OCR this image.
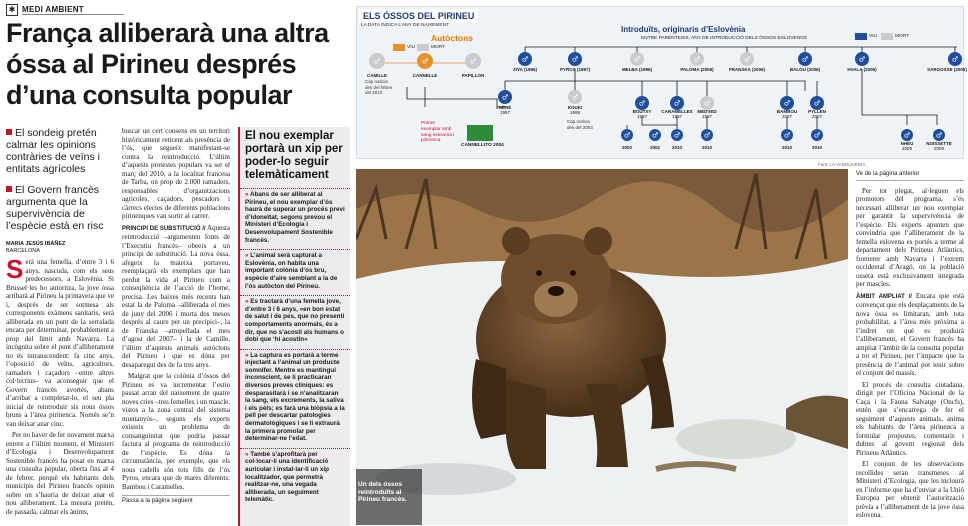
✱ MEDI AMBIENT
França alliberarà una altra óssa al Pirineu després d’una consulta popular
El sondeig pretén calmar les opinions contràries de veïns i entitats agrícoles
El Govern francès argumenta que la supervivència de l’espècie està en risc
MARIA JESÚS IBÁÑEZ
BARCELONA

Serà una femella, d’entre 3 i 6 anys, nascuda, com els seus predecessors, a Eslovènia. Si Brussel·les ho autoritza, la jove óssa arribarà al Pirineu la primavera que ve i, després de ser sotmesa als corresponents exàmens sanitaris, serà alliberada en un punt de la serralada encara per determinar, probablement a prop del límit amb Navarra. La incògnita sobre el punt d’alliberament no és intranscendent: fa cinc anys, l’oposició de veïns, agricultors, ramaders i caçadors –entre altres col·lectius– va aconseguir que el Govern francès avortés, abans d’arribar a completar-lo, el seu pla inicial de reintroduir sis nous óssos bruns a l’àrea pirinenca. Només se’n van deixar anar cinc.

Per no haver de fer novament marxa enrere a l’últim moment, el Ministeri d’Ecologia i Desenvolupament Sostenible francès ha posat en marxa una consulta popular, oberta fins al 4 de febrer, perquè els habitants dels municipis del Pirineu francès opinin sobre on s’hauria de deixar anar el nou alliberament. La mesura pretén, de passada, calmar els ànims,

buscar un cert consens en un territori històricament reticent als presència de l’ós, que segueix manifestant-se contra la reintroducció. L’últim d’aquests protestes populars va ser el març del 2010, a la localitat francesa de Tarba, on prop de 2.000 ramaders, responsables d’organitzacions agrícoles, caçadors, pescadors i càrrecs electes de diferents poblacions pirinenques van sortir al carrer.

PRINCIPI DE SUBSTITUCIÓ // Aquesta reintroducció –argumenten fonts de l’Executiu francès– obeeix a un principi de substitució. La nova óssa, afegeix la mateixa portaveu, reemplaçarà els exemplars que han perdut la vida al Pirineu com a conseqüència de l’acció de l’home, precisa. Les baixes més recents han estat la de Paloma –alliberada el mes de juny del 2006 i morta dos mesos després al caure per un precipici–, la de Franska –atropellada el mes d’agost del 2007– i la de Camille, l’últim d’aquests animals autòctons del Pirineu i que es dóna per desaparegut des de fa tres anys.

Malgrat que la colònia d’óssos del Pirineu es va incrementar l’estiu passat arran del naixement de quatre noves cries –tres femelles i un mascle, vistos a la zona central del sistema muntanyós–, segons els experts existeix un problema de consanguinitat que podria passar factura al programa de reintroducció de l’espècie. Es dóna la circumstància, per exemple, que els nous cadells són tots fills de l’ós Pyros, encara que de mares diferents: Bambou i Caramelles.

Passa a la pàgina següent
El nou exemplar portarà un xip per poder-lo seguir telemàticament
» Abans de ser alliberat al Pirineu, el nou exemplar d’ós haurà de superar un procés previ d’idoneïtat, segons prevou el Ministeri d’Ecologia i Desenvolupament Sostenible francès.
» L’animal serà capturat a Eslovènia, on habita una important colònia d’ós bru, espècie d’aire semblant a la de l’ós autòcton del Pirineu.
» Es tractarà d’una femella jove, d’entre 3 i 6 anys, «en bon estat de salut i de pes, que no presenti comportaments anormals, és a dir, que no s’acosti als humans o dobi que ‘hi acostin»
» La captura es portarà a terme injectant a l’animal un producte somnífer. Mentre es mantingui inconscient, se li practicaran diversos proves clíniques: es desparasitarà i se n’analitzaran la sang, els excrements, la saliva i els pèls; es farà una biòpsia a la pell per descartar patologies dermatològiques i se li extraurà la primera promolar per determinar-ne l’edat.
» També s’aprofitarà per col·locar-li una identificació auricular i instal·lar-li un xip localitzador, que permetrà realitzar-ne, una vegada alliberada, un seguiment telemàtic.
♂	♂	♂	♂	♂	♂	♂	♂	♂	♂	♂
♂	♂
♂	♂	♂	♂	♂
♂	♂ ♂	♂	♂	♂	♂	♂
ELS ÓSSOS DEL PIRINEU
LA DATA INDICA L’ANY DE NAIXEMENT
Autòctons
Introduïts, originaris d’Eslovènia
ENTRE PARÈNTESIS, ANY DE INTRODUCCIÓ DELS ÓSSOS ESLOVENOS
VIU	MORT
VIU	MORT
CAMILLE	CANNELLE	PAPILLON
Cap notícia des del febrer del 2010
ZIVA (1996)	PYROS (1997)	MELBA (1996)	PALOMA (2006)	FRANSKA (2006)	BALOU (2006)	HVALA (2006)	SARGOSSE (2006)
NÉRÉ
1997
KOUKI
1998
Cap notícia des del 2003
BOUTXY
1997
CARAMELLES
1997
MEDVED
1997
BAMBOU
2007
PYLLEN
2007
NHÉU
2009
NOISSETTE
2009
2002	2002	2010	2010	2010	2010
Primer exemplar amb sang eslovena i pirinenca
CANNELLITO 2004
Font: LA VANGUARDIA
Un dels óssos reintroduïts al Pirineu francès.
Ve de la pàgina anterior

Per tot plegat, al·leguen els promotors del programa, s’és necessari alliberar un nou exemplar per garantir la supervivència de l’espècie. Els experts apunten que convindria que l’alliberament de la femella eslovena es portés a terme al departament dels Pirineus Atlàntics, fronterer amb Navarra i l’extrem occidental d’Aragó, on la població ossera està exclusivament integrada per mascles.

ÀMBIT AMPLIAT // Encara que està convençut que els desplaçaments de la nova óssa es limitaran, amb tota probabilitat, a l’àrea més pròxima a l’indret on què es produirà l’alliberament, el Govern francès ha ampliat l’àmbit de la consulta popular a tot el Pirineu, per l’impacte que la presència de l’animal pot tenir sobre el conjunt del massís.

El procés de consulta ciutadana, dirigit per l’Oficina Nacional de la Caça i la Fauna Salvatge (Oncfs), entén que s’encarrega de fer el seguiment d’aquests animals, anima els habitants de l’àrea pirinenca a formular propostes, comentaris i dubtes al govern regional dels Pirineus Atlàntics.

El conjunt de les observacions recollides seran transmeses al Ministeri d’Ecologia, que les inclourà en l’informe que ha d’enviar a la Unió Europea per obtenir l’autorització prèvia a l’alliberament de la jove óssa eslovena.
